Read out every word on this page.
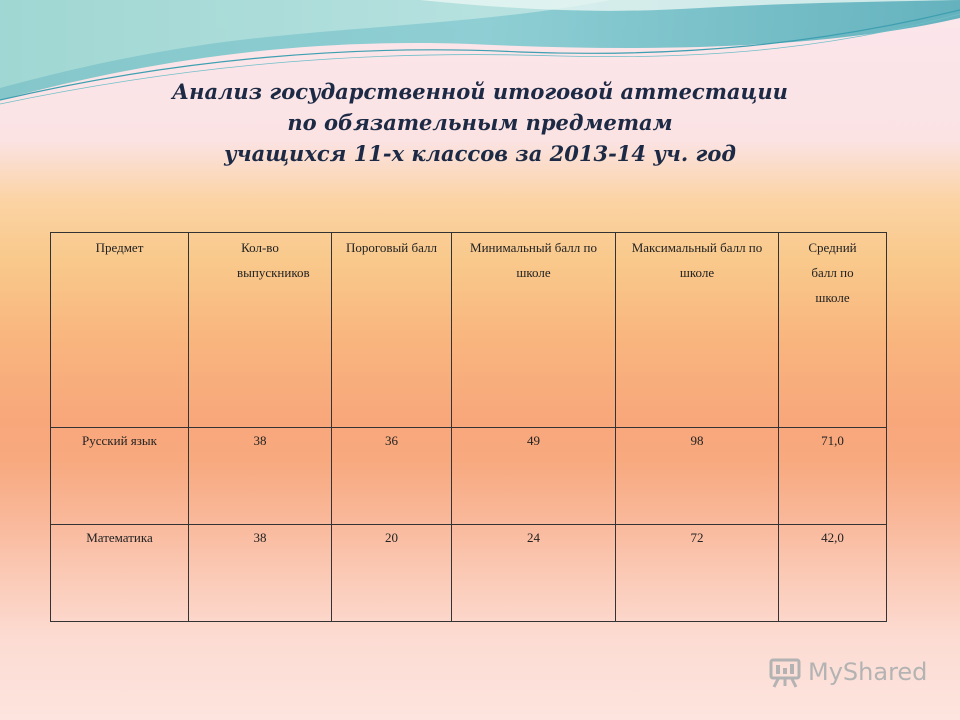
Анализ государственной итоговой аттестации
по обязательным предметам
учащихся 11-х классов за 2013-14 уч. год
Предмет	Кол-во выпускников	Пороговый балл	Минимальный балл по школе	Максимальный балл по школе	Средний балл по школе
Русский язык	38	36	49	98	71,0
Математика	38	20	24	72	42,0
MyShared
